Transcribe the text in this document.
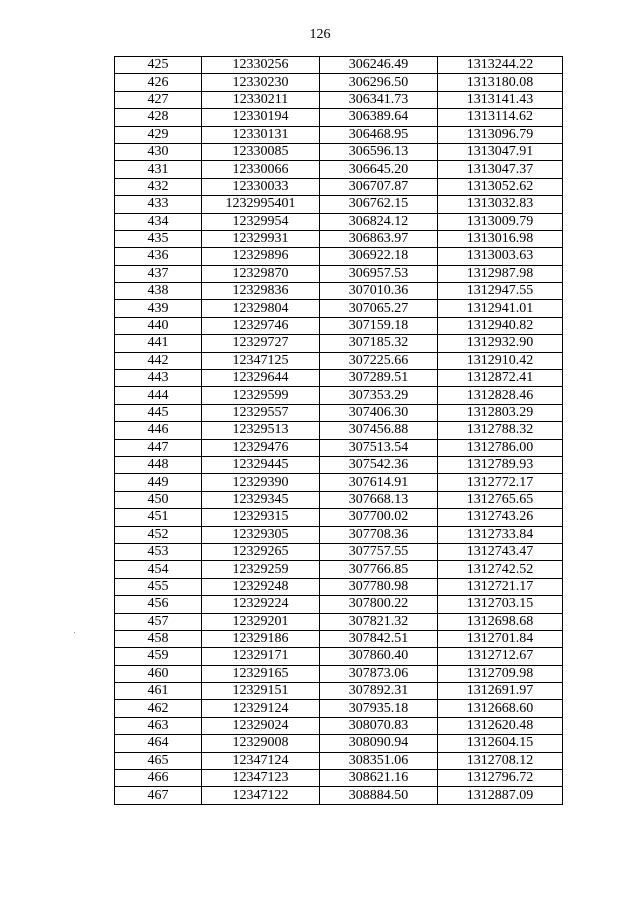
126
425	12330256	306246.49	1313244.22
426	12330230	306296.50	1313180.08
427	12330211	306341.73	1313141.43
428	12330194	306389.64	1313114.62
429	12330131	306468.95	1313096.79
430	12330085	306596.13	1313047.91
431	12330066	306645.20	1313047.37
432	12330033	306707.87	1313052.62
433	1232995401	306762.15	1313032.83
434	12329954	306824.12	1313009.79
435	12329931	306863.97	1313016.98
436	12329896	306922.18	1313003.63
437	12329870	306957.53	1312987.98
438	12329836	307010.36	1312947.55
439	12329804	307065.27	1312941.01
440	12329746	307159.18	1312940.82
441	12329727	307185.32	1312932.90
442	12347125	307225.66	1312910.42
443	12329644	307289.51	1312872.41
444	12329599	307353.29	1312828.46
445	12329557	307406.30	1312803.29
446	12329513	307456.88	1312788.32
447	12329476	307513.54	1312786.00
448	12329445	307542.36	1312789.93
449	12329390	307614.91	1312772.17
450	12329345	307668.13	1312765.65
451	12329315	307700.02	1312743.26
452	12329305	307708.36	1312733.84
453	12329265	307757.55	1312743.47
454	12329259	307766.85	1312742.52
455	12329248	307780.98	1312721.17
456	12329224	307800.22	1312703.15
457	12329201	307821.32	1312698.68
458	12329186	307842.51	1312701.84
459	12329171	307860.40	1312712.67
460	12329165	307873.06	1312709.98
461	12329151	307892.31	1312691.97
462	12329124	307935.18	1312668.60
463	12329024	308070.83	1312620.48
464	12329008	308090.94	1312604.15
465	12347124	308351.06	1312708.12
466	12347123	308621.16	1312796.72
467	12347122	308884.50	1312887.09
